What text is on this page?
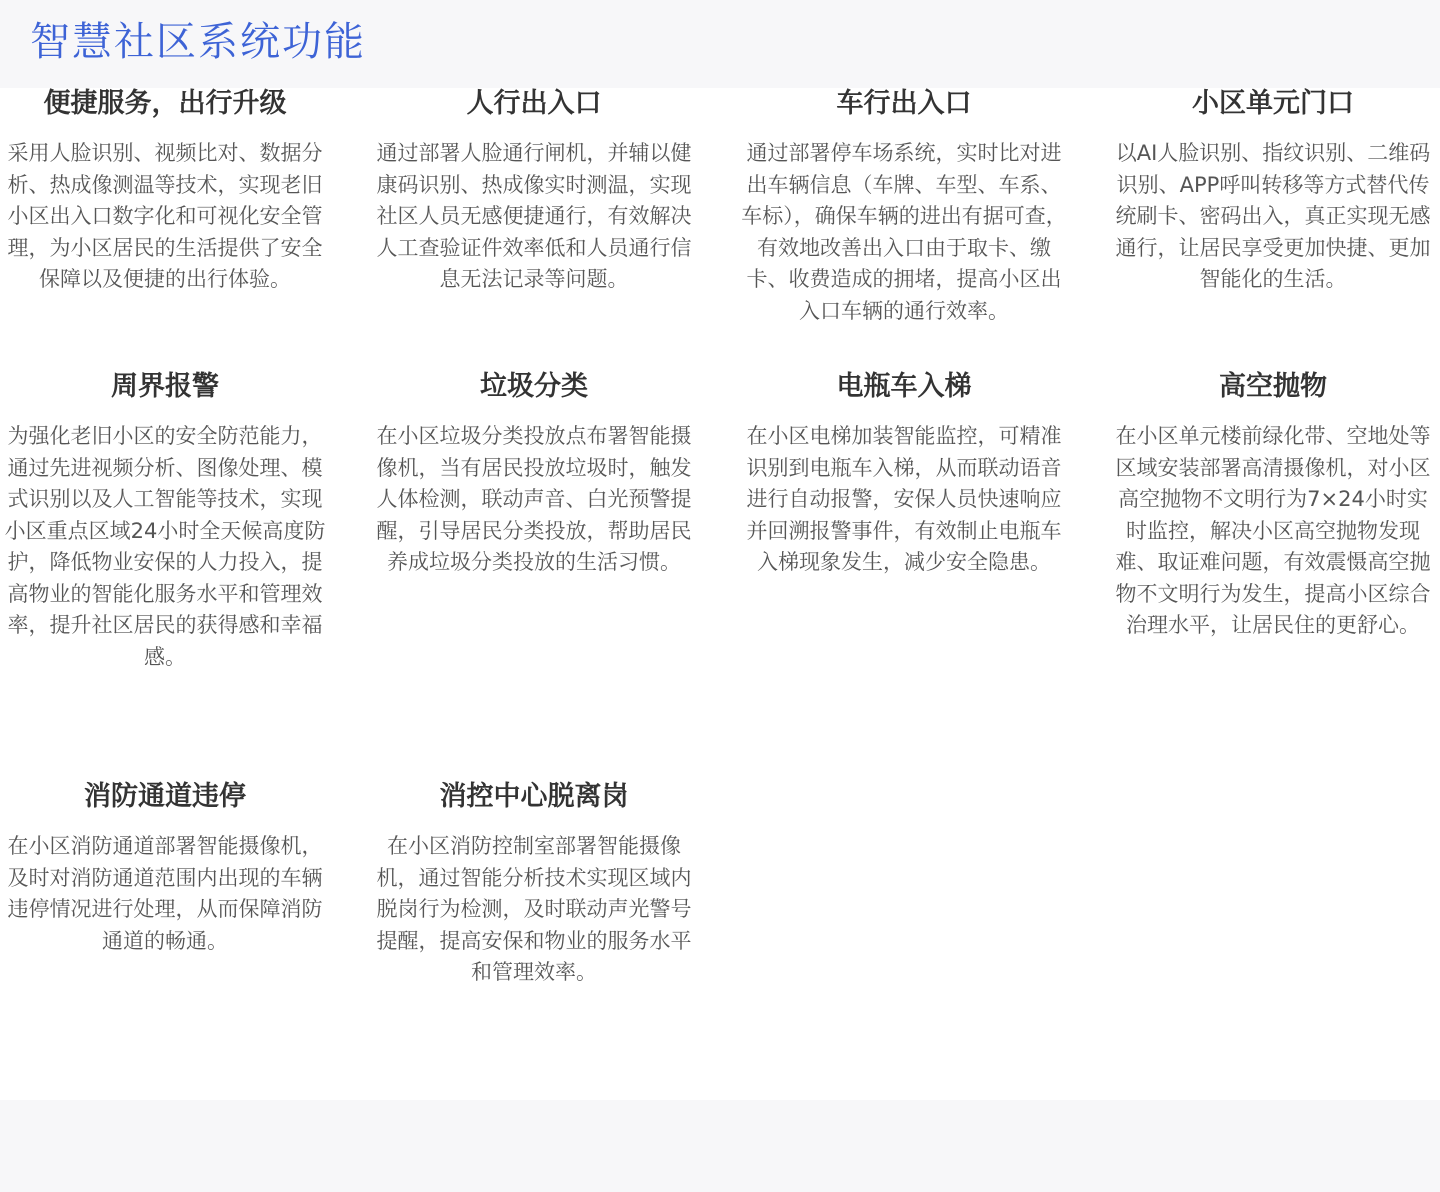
智慧社区系统功能
便捷服务，出行升级

采用人脸识别、视频比对、数据分析、热成像测温等技术，实现老旧小区出入口数字化和可视化安全管理，为小区居民的生活提供了安全保障以及便捷的出行体验。

人行出入口

通过部署人脸通行闸机，并辅以健康码识别、热成像实时测温，实现社区人员无感便捷通行，有效解决人工查验证件效率低和人员通行信息无法记录等问题。

车行出入口

通过部署停车场系统，实时比对进出车辆信息（车牌、车型、车系、车标），确保车辆的进出有据可查，有效地改善出入口由于取卡、缴卡、收费造成的拥堵，提高小区出入口车辆的通行效率。

小区单元门口

以AI人脸识别、指纹识别、二维码识别、APP呼叫转移等方式替代传统刷卡、密码出入，真正实现无感通行，让居民享受更加快捷、更加智能化的生活。

周界报警

为强化老旧小区的安全防范能力，通过先进视频分析、图像处理、模式识别以及人工智能等技术，实现小区重点区域24小时全天候高度防护，降低物业安保的人力投入，提高物业的智能化服务水平和管理效率，提升社区居民的获得感和幸福感。

垃圾分类

在小区垃圾分类投放点布署智能摄像机，当有居民投放垃圾时，触发人体检测，联动声音、白光预警提醒，引导居民分类投放，帮助居民养成垃圾分类投放的生活习惯。

电瓶车入梯

在小区电梯加装智能监控，可精准识别到电瓶车入梯，从而联动语音进行自动报警，安保人员快速响应并回溯报警事件，有效制止电瓶车入梯现象发生，减少安全隐患。

高空抛物

在小区单元楼前绿化带、空地处等区域安装部署高清摄像机，对小区高空抛物不文明行为7×24小时实时监控，解决小区高空抛物发现难、取证难问题，有效震慑高空抛物不文明行为发生，提高小区综合治理水平，让居民住的更舒心。

消防通道违停

在小区消防通道部署智能摄像机，及时对消防通道范围内出现的车辆违停情况进行处理，从而保障消防通道的畅通。

消控中心脱离岗

在小区消防控制室部署智能摄像机，通过智能分析技术实现区域内脱岗行为检测，及时联动声光警号提醒，提高安保和物业的服务水平和管理效率。
